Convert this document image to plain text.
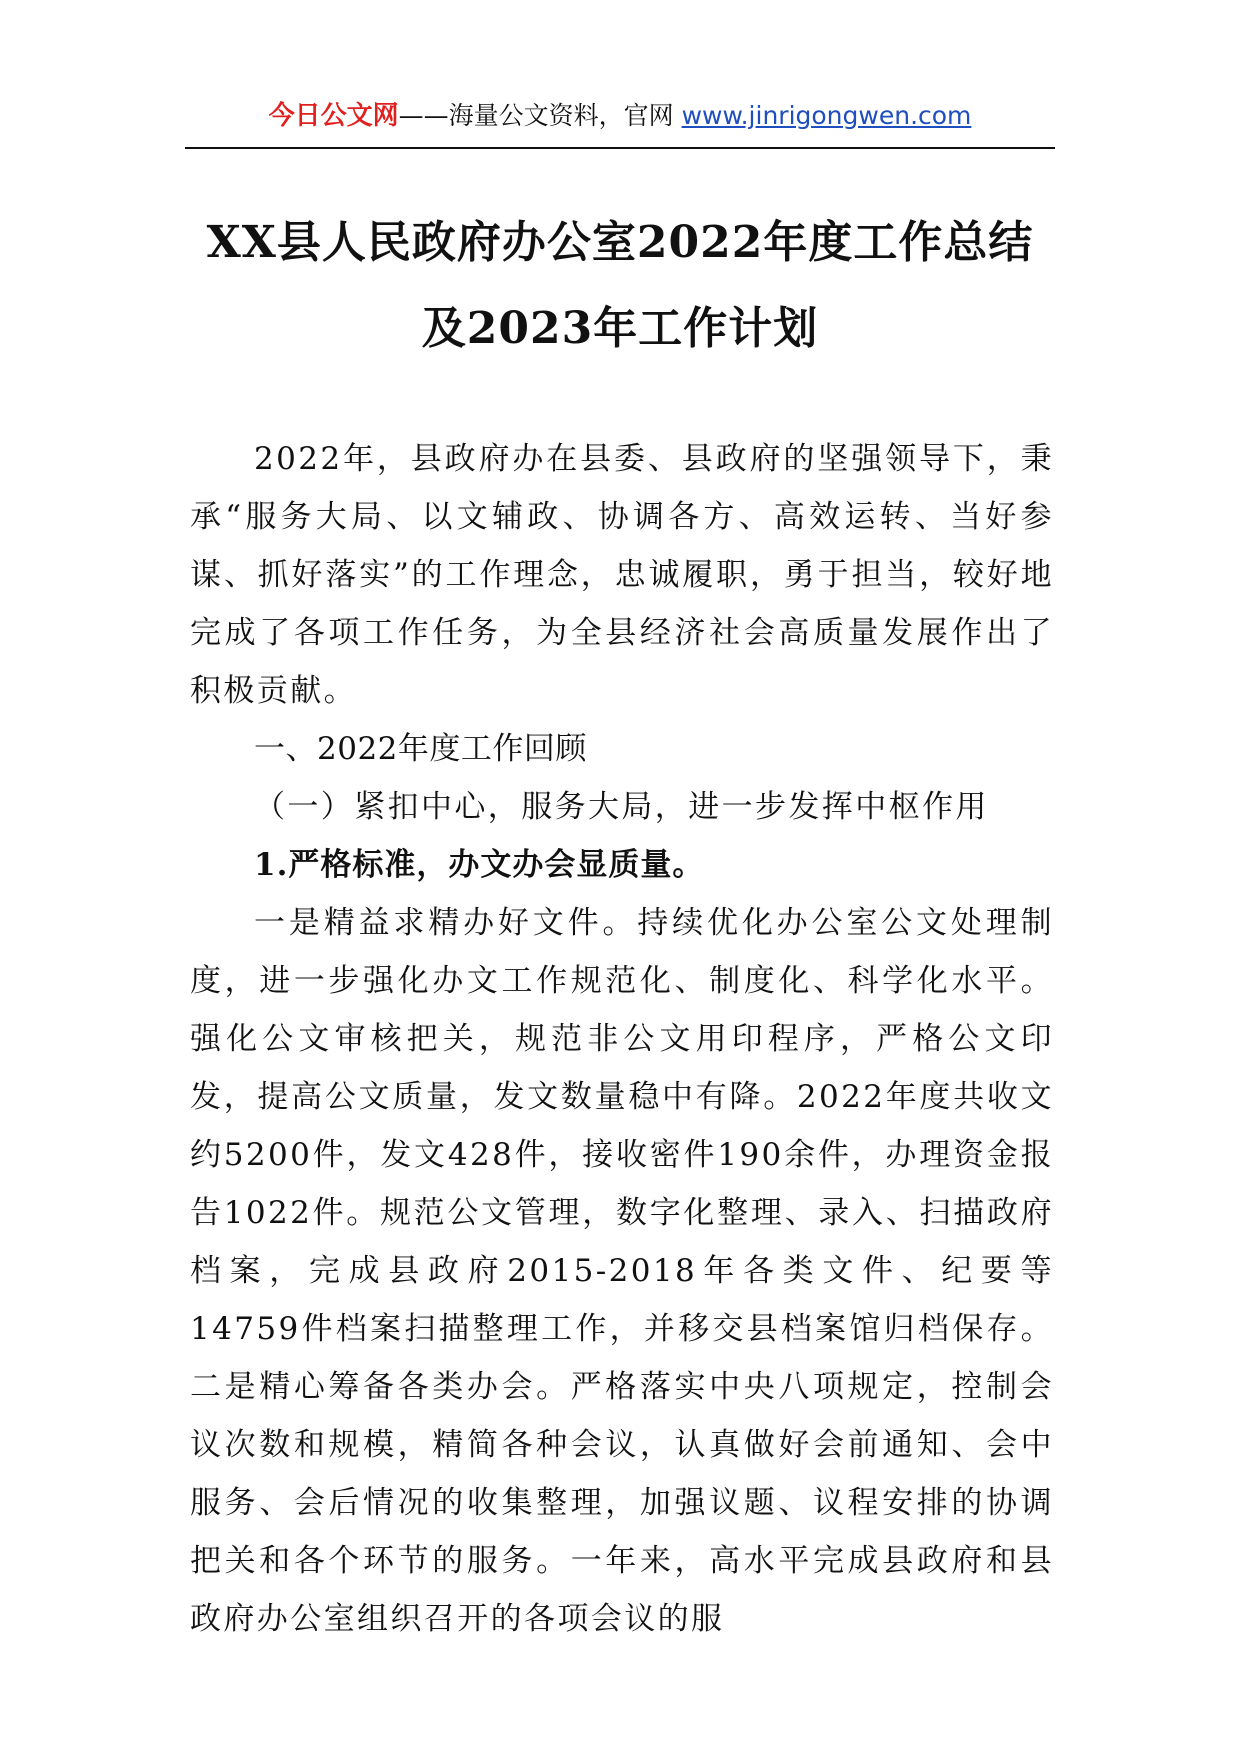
今日公文网——海量公文资料，官网 www.jinrigongwen.com
XX县人民政府办公室2022年度工作总结
及2023年工作计划

2022年，县政府办在县委、县政府的坚强领导下，秉承“服务大局、以文辅政、协调各方、高效运转、当好参谋、抓好落实”的工作理念，忠诚履职，勇于担当，较好地完成了各项工作任务，为全县经济社会高质量发展作出了积极贡献。

一、2022年度工作回顾

（一）紧扣中心，服务大局，进一步发挥中枢作用

1.严格标准，办文办会显质量。

一是精益求精办好文件。持续优化办公室公文处理制度，进一步强化办文工作规范化、制度化、科学化水平。强化公文审核把关，规范非公文用印程序，严格公文印发，提高公文质量，发文数量稳中有降。2022年度共收文约5200件，发文428件，接收密件190余件，办理资金报告1022件。规范公文管理，数字化整理、录入、扫描政府档案，完成县政府2015-2018年各类文件、纪要等14759件档案扫描整理工作，并移交县档案馆归档保存。二是精心筹备各类办会。严格落实中央八项规定，控制会议次数和规模，精简各种会议，认真做好会前通知、会中服务、会后情况的收集整理，加强议题、议程安排的协调把关和各个环节的服务。一年来，高水平完成县政府和县政府办公室组织召开的各项会议的服
